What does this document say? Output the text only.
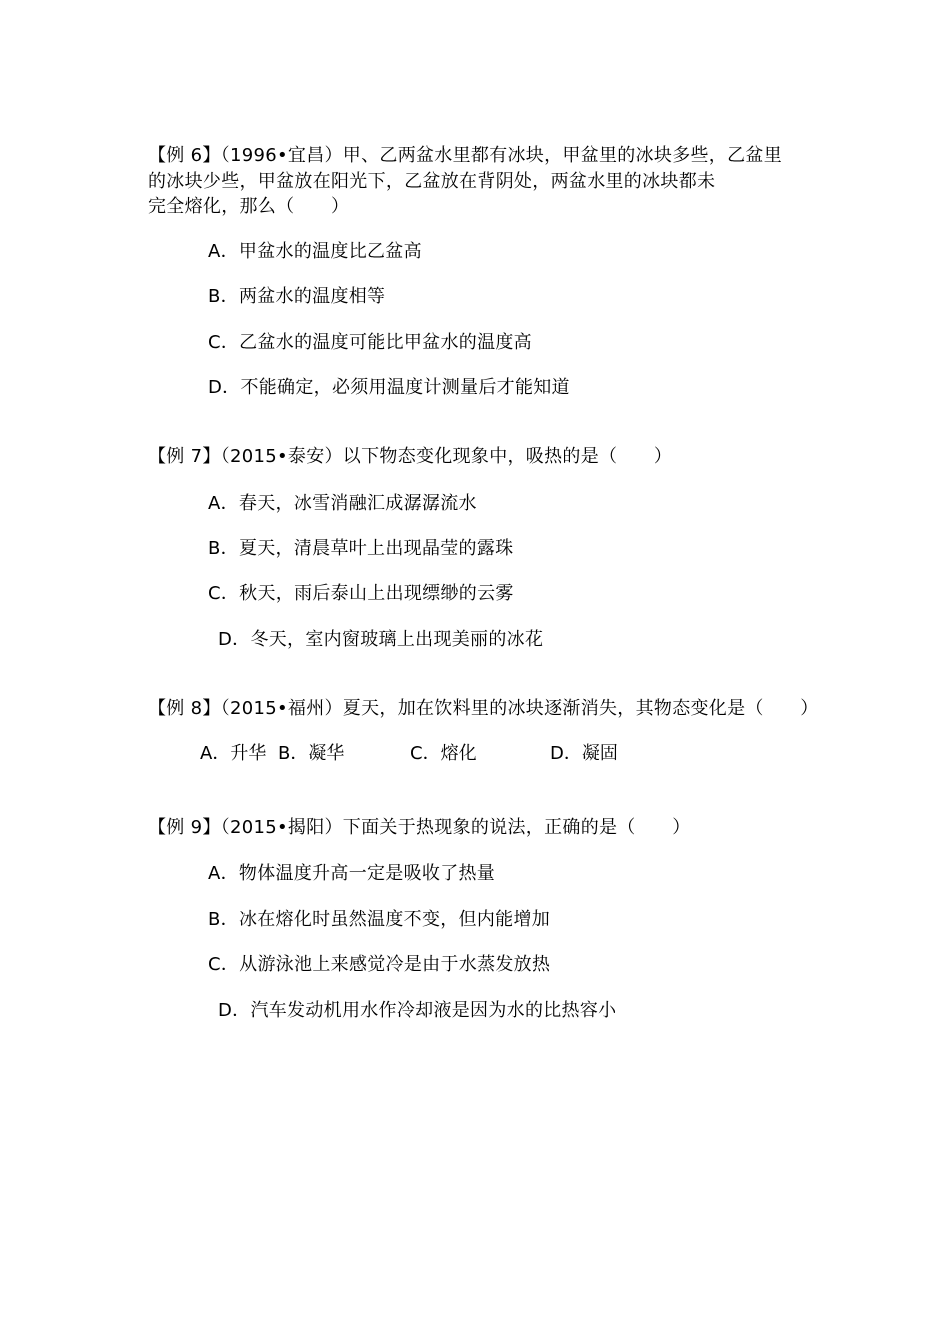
【例 6】（1996•宜昌）甲、乙两盆水里都有冰块，甲盆里的冰块多些，乙盆里
的冰块少些，甲盆放在阳光下，乙盆放在背阴处，两盆水里的冰块都未
完全熔化，那么（　　）
A．甲盆水的温度比乙盆高
B．两盆水的温度相等
C．乙盆水的温度可能比甲盆水的温度高
D．不能确定，必须用温度计测量后才能知道
【例 7】（2015•泰安）以下物态变化现象中，吸热的是（　　）
A．春天，冰雪消融汇成潺潺流水
B．夏天，清晨草叶上出现晶莹的露珠
C．秋天，雨后泰山上出现缥缈的云雾
D．冬天，室内窗玻璃上出现美丽的冰花
【例 8】（2015•福州）夏天，加在饮料里的冰块逐渐消失，其物态变化是（　　）
A．升华 B．凝华	C．熔化	D．凝固
【例 9】（2015•揭阳）下面关于热现象的说法，正确的是（　　）
A．物体温度升高一定是吸收了热量
B．冰在熔化时虽然温度不变，但内能增加
C．从游泳池上来感觉冷是由于水蒸发放热
D．汽车发动机用水作冷却液是因为水的比热容小
